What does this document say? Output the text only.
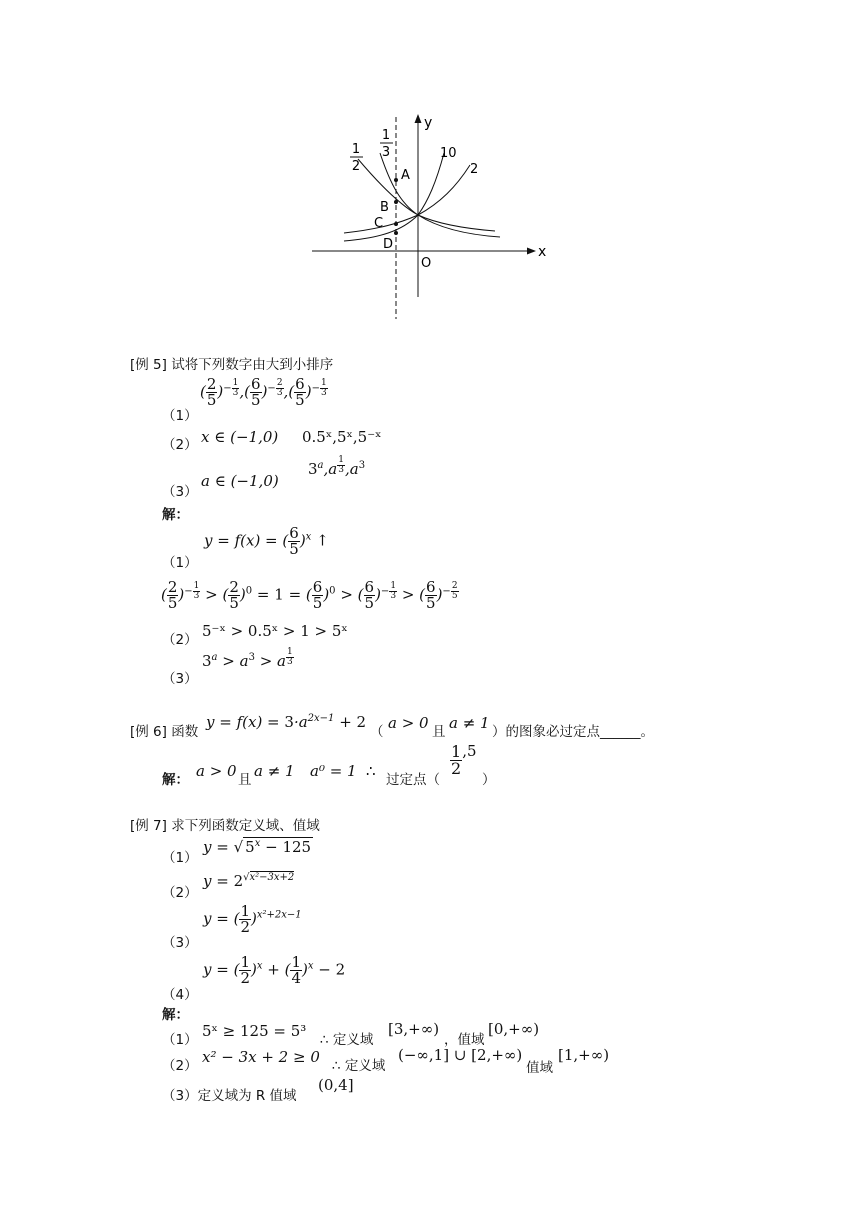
1
2
1
3
y
x
O
10
2
A
B
C
D
[例 5] 试将下列数字由大到小排序
（1）
( $\frac{2}{5} )^{- \frac{1}{3}}$ ,( $\frac{6}{5} )^{- \frac{2}{3}}$ ,( $\frac{6}{5} )^{- \frac{1}{3}}$
（2） x ∈ (−1,0) 0.5ˣ,5ˣ,5⁻ˣ
（3）
a ∈ (−1,0)
3$^a$,a $^{\frac{1}{3}}$ $,a^3$
解：
（1）
y = f(x) = ( $\frac{6}{5} )^x$ ↑
( $\frac{2}{5} )^{- \frac{1}{3}}$ > ( $\frac{2}{5} )^0 = 1$ = ( $\frac{6}{5} )^0$ > ( $\frac{6}{5} )^{- \frac{1}{3}}$ > ( $\frac{6}{5} )^{- \frac{2}{5}}$
（2） 5⁻ˣ > 0.5ˣ > 1 > 5ˣ
（3）
$3^a > a^3 > a$ $^{\frac{1}{3}}$
[例 6] 函数
$y = f(x) = 3\cdot a^{2x-1} + 2$
（ a > 0 且 a ≠ 1 ）的图象必过定点______。
解： a > 0 且 a ≠ 1 a⁰ = 1 ∴ 过定点（
$\frac{1}{2} ,5$
）
[例 7] 求下列函数定义域、值域
（1）
y = √ $5^x - 125$
（2）
$y = 2^{√x^2-3x+2}$
（3）
y = ( $\frac{1}{2} )^{x^2+2x-1}$
（4）
y = ( $\frac{1}{2} )^x$ + ( $\frac{1}{4} )^x - 2$
解：
（1） 5ˣ ≥ 125 = 5³ ∴ 定义域
[3,+∞)
，值域
[0,+∞)
（2） x² − 3x + 2 ≥ 0 ∴ 定义域
(−∞,1] ∪ [2,+∞)
值域
[1,+∞)
（3）定义域为 R 值域
(0,4]
